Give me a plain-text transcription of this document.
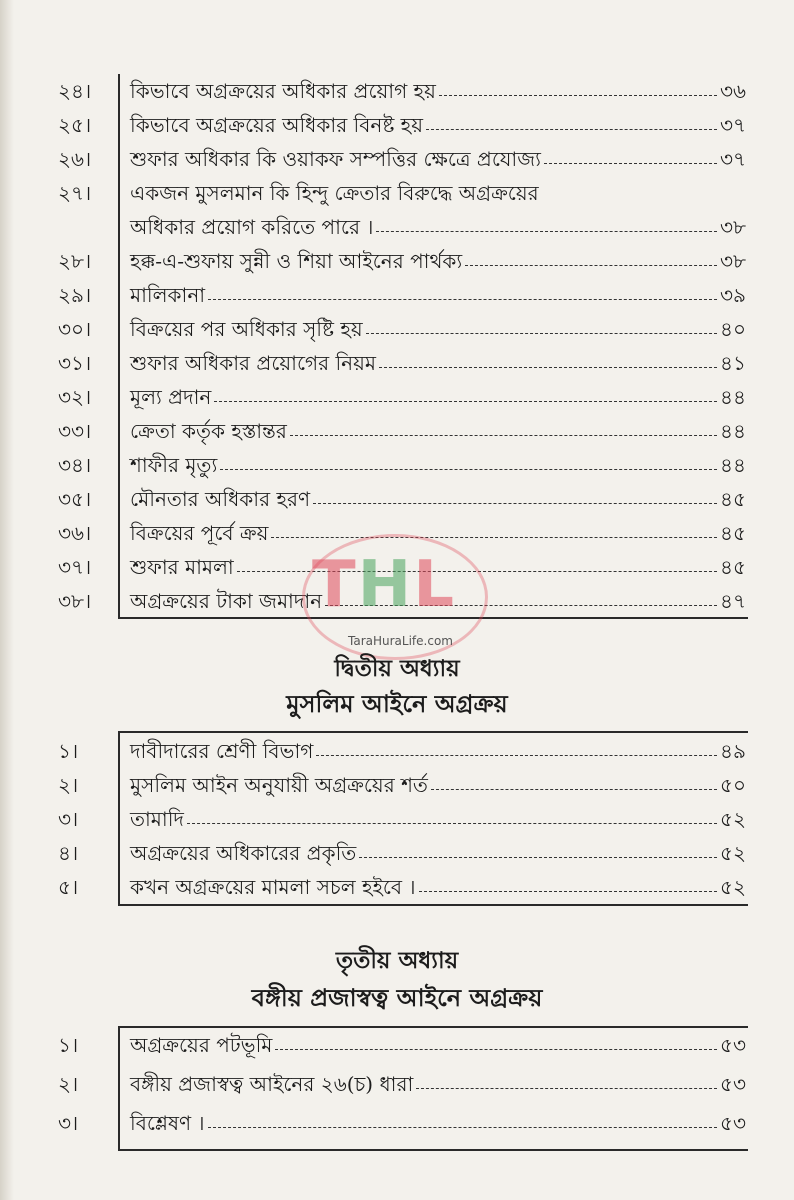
২৪।	কিভাবে অগ্রক্রয়ের অধিকার প্রয়োগ হয়	৩৬
২৫।	কিভাবে অগ্রক্রয়ের অধিকার বিনষ্ট হয়	৩৭
২৬।	শুফার অধিকার কি ওয়াকফ সম্পত্তির ক্ষেত্রে প্রযোজ্য	৩৭
২৭।	একজন মুসলমান কি হিন্দু ক্রেতার বিরুদ্ধে অগ্রক্রয়ের
অধিকার প্রয়োগ করিতে পারে ।	৩৮
২৮।	হক্ক-এ-শুফায় সুন্নী ও শিয়া আইনের পার্থক্য	৩৮
২৯।	মালিকানা	৩৯
৩০।	বিক্রয়ের পর অধিকার সৃষ্টি হয়	৪০
৩১।	শুফার অধিকার প্রয়োগের নিয়ম	৪১
৩২।	মূল্য প্রদান	৪৪
৩৩।	ক্রেতা কর্তৃক হস্তান্তর	৪৪
৩৪।	শাফীর মৃত্যু	৪৪
৩৫।	মৌনতার অধিকার হরণ	৪৫
৩৬।	বিক্রয়ের পূর্বে ক্রয়	৪৫
৩৭।	শুফার মামলা	৪৫
৩৮।	অগ্রক্রয়ের টাকা জমাদান	৪৭
THL
TaraHuraLife.com
দ্বিতীয় অধ্যায়
মুসলিম আইনে অগ্রক্রয়
১।	দাবীদারের শ্রেণী বিভাগ	৪৯
২।	মুসলিম আইন অনুযায়ী অগ্রক্রয়ের শর্ত	৫০
৩।	তামাদি	৫২
৪।	অগ্রক্রয়ের অধিকারের প্রকৃতি	৫২
৫।	কখন অগ্রক্রয়ের মামলা সচল হইবে ।	৫২
তৃতীয় অধ্যায়
বঙ্গীয় প্রজাস্বত্ব আইনে অগ্রক্রয়
১।	অগ্রক্রয়ের পটভূমি	৫৩
২।	বঙ্গীয় প্রজাস্বত্ব আইনের ২৬(চ) ধারা	৫৩
৩।	বিশ্লেষণ ।	৫৩
